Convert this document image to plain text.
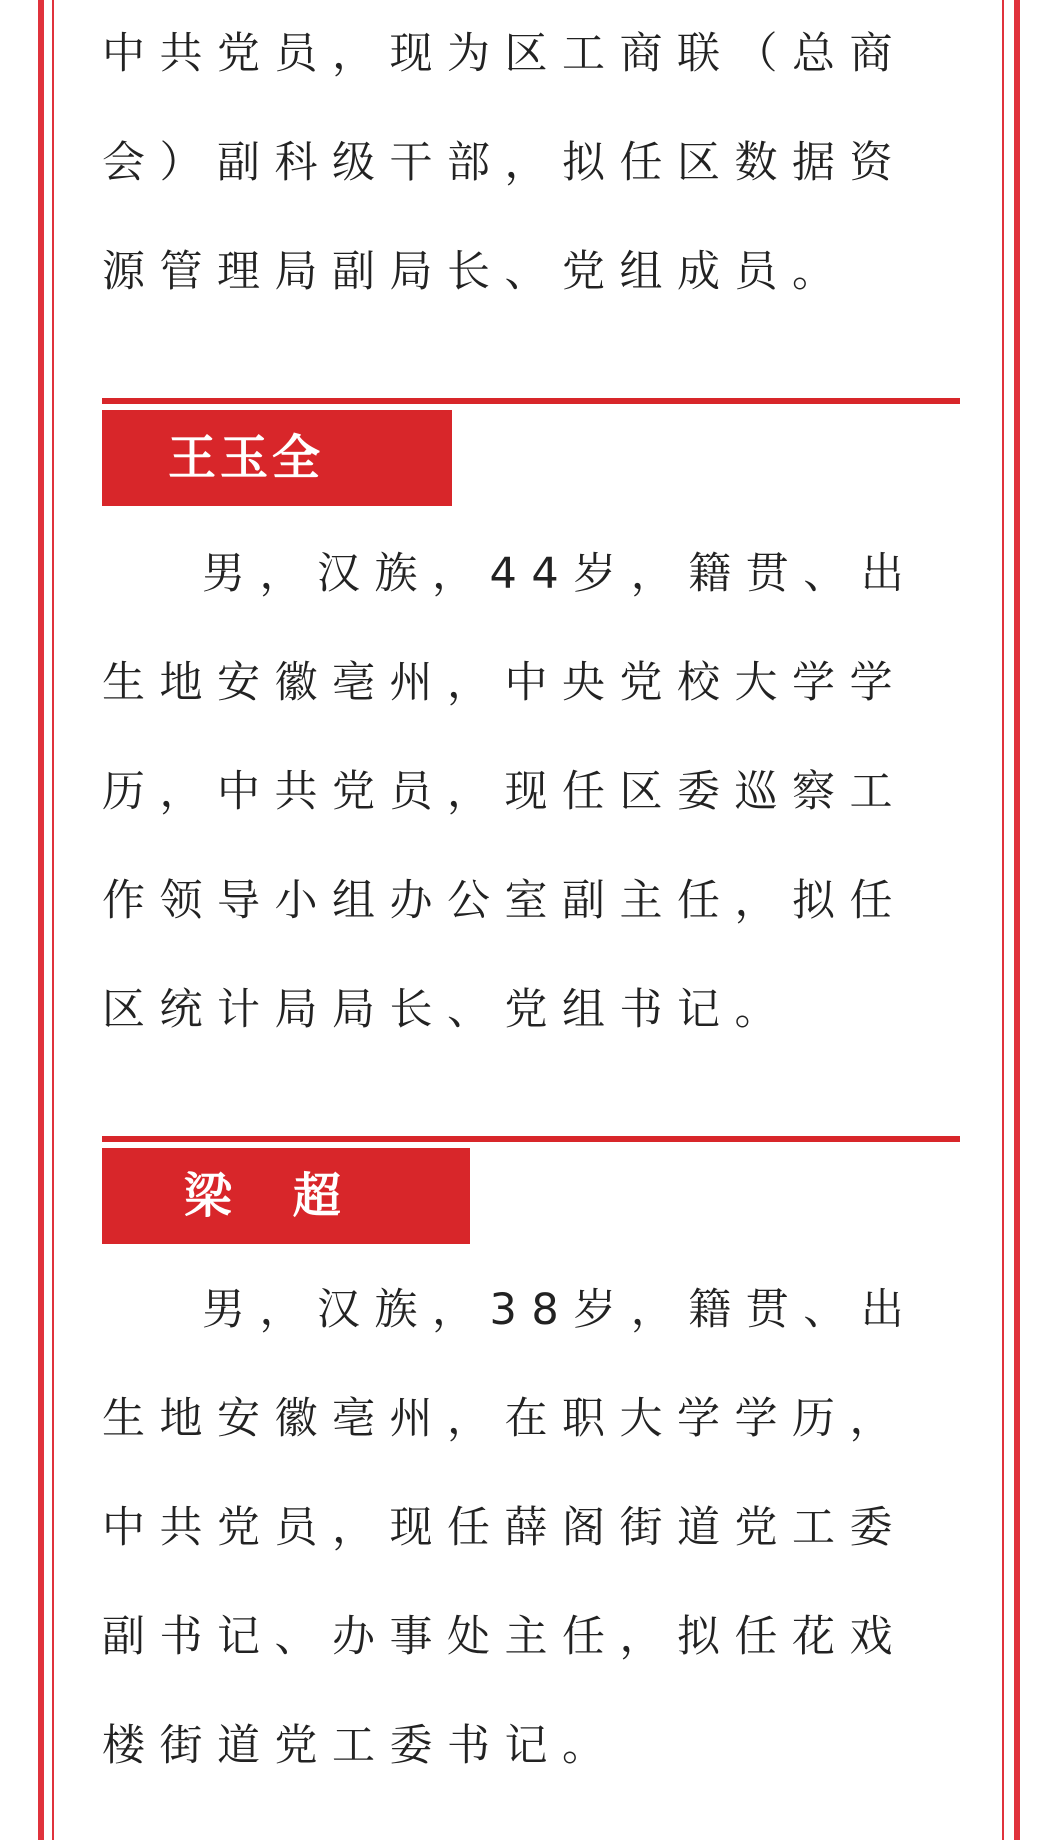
中共党员，现为区工商联（总商会）副科级干部，拟任区数据资源管理局副局长、党组成员。

王玉全

男，汉族，44岁，籍贯、出生地安徽亳州，中央党校大学学历，中共党员，现任区委巡察工作领导小组办公室副主任，拟任区统计局局长、党组书记。

梁 超

男，汉族，38岁，籍贯、出生地安徽亳州，在职大学学历，中共党员，现任薛阁街道党工委副书记、办事处主任，拟任花戏楼街道党工委书记。
